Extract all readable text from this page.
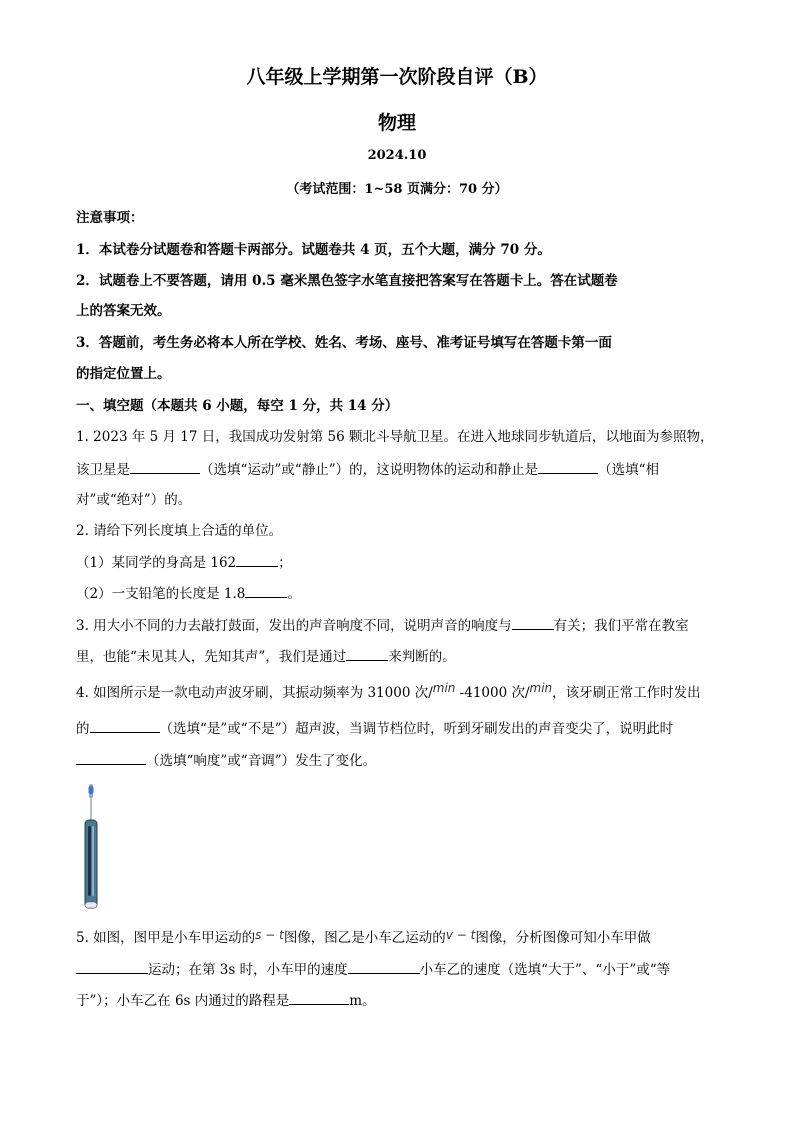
八年级上学期第一次阶段自评（B）
物理
2024.10
（考试范围：1~58 页满分：70 分）
注意事项：
1．本试卷分试题卷和答题卡两部分。试题卷共 4 页，五个大题，满分 70 分。
2．试题卷上不要答题，请用 0.5 毫米黑色签字水笔直接把答案写在答题卡上。答在试题卷
上的答案无效。
3．答题前，考生务必将本人所在学校、姓名、考场、座号、准考证号填写在答题卡第一面
的指定位置上。
一、填空题（本题共 6 小题，每空 1 分，共 14 分）
1. 2023 年 5 月 17 日，我国成功发射第 56 颗北斗导航卫星。在进入地球同步轨道后，以地面为参照物，
该卫星是	（选填“运动”或“静止”）的，这说明物体的运动和静止是	（选填“相
对”或“绝对”）的。
2. 请给下列长度填上合适的单位。
（1）某同学的身高是 162	；
（2）一支铅笔的长度是 1.8	。
3. 用大小不同的力去敲打鼓面，发出的声音响度不同，说明声音的响度与	有关；我们平常在教室
里，也能“未见其人，先知其声”，我们是通过	来判断的。
4. 如图所示是一款电动声波牙刷，其振动频率为 31000 次/min -41000 次/min，该牙刷正常工作时发出
的	（选填“是”或“不是”）超声波，当调节档位时，听到牙刷发出的声音变尖了，说明此时
（选填“响度”或“音调”）发生了变化。
5. 如图，图甲是小车甲运动的s − t图像，图乙是小车乙运动的v − t图像，分析图像可知小车甲做
运动；在第 3s 时，小车甲的速度	小车乙的速度（选填“大于”、“小于”或“等
于”）；小车乙在 6s 内通过的路程是	m。
